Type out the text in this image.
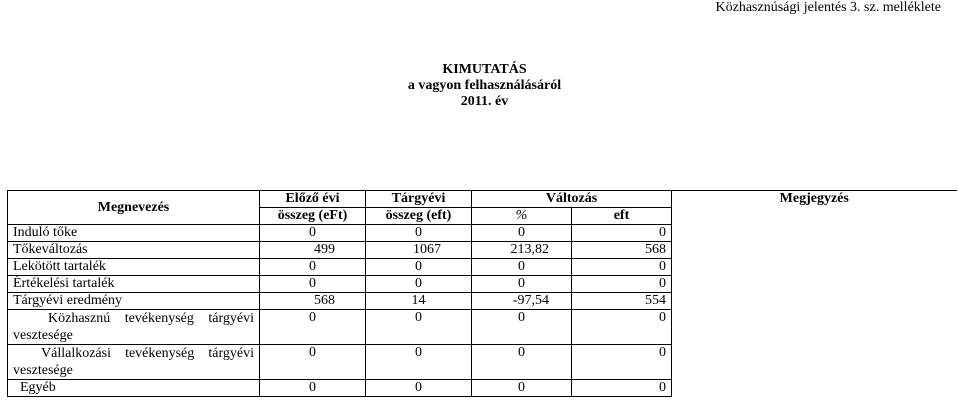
Közhasznúsági jelentés 3. sz. melléklete
KIMUTATÁS
a vagyon felhasználásáról
2011. év
Megnevezés	Előző évi	Tárgyévi	Változás		Megjegyzés
	összeg (eFt)	összeg (eft)	%	eft	
Induló tőke	0	0	0	0	
Tőkeváltozás	499	1067	213,82	568	
Lekötött tartalék	0	0	0	0	
Értékelési tartalék	0	0	0	0	
Tárgyévi eredmény	568	14	-97,54	554	

Közhasznú tevékenység tárgyévi
vesztesége	0	0	0	0	

Vállalkozási tevékenység tárgyévi
vesztesége	0	0	0	0	
Egyéb	0	0	0	0	
